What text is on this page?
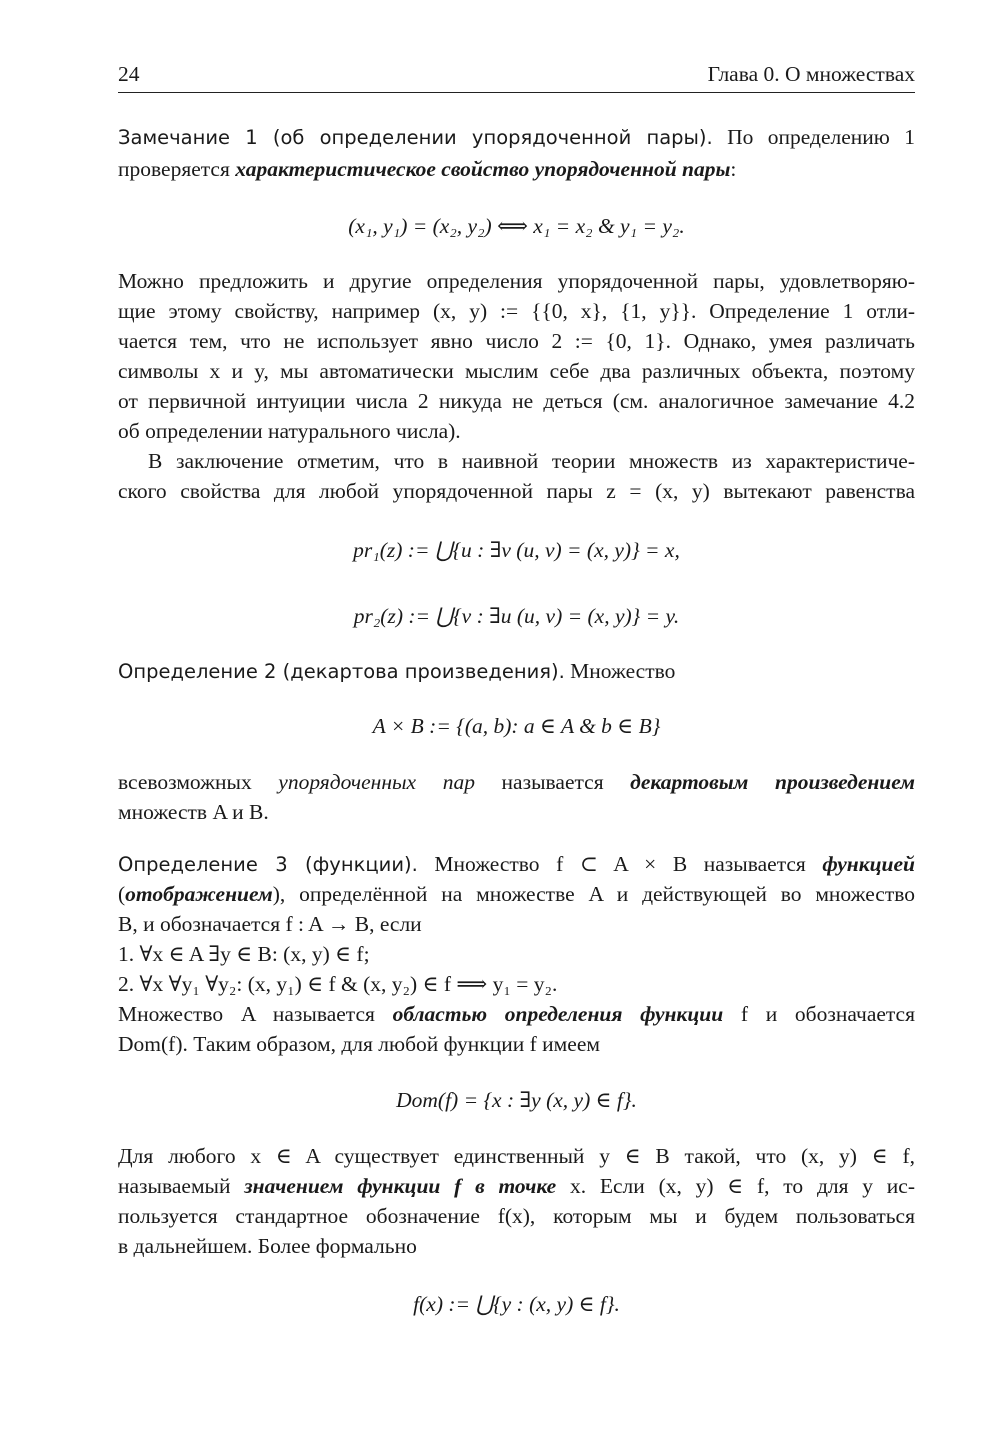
24	Глава 0. О множествах

Замечание 1 (об определении упорядоченной пары). По определению 1

проверяется характеристическое свойство упорядоченной пары:

(x₁, y₁) = (x₂, y₂) ⟺ x₁ = x₂ & y₁ = y₂.

Можно предложить и другие определения упорядоченной пары, удовлетворяю-

щие этому свойству, например (x, y) := {{0, x}, {1, y}}. Определение 1 отли-

чается тем, что не использует явно число 2 := {0, 1}. Однако, умея различать

символы x и y, мы автоматически мыслим себе два различных объекта, поэтому

от первичной интуиции числа 2 никуда не деться (см. аналогичное замечание 4.2

об определении натурального числа).

В заключение отметим, что в наивной теории множеств из характеристиче-

ского свойства для любой упорядоченной пары z = (x, y) вытекают равенства

pr₁(z) := ⋃{u : ∃v (u, v) = (x, y)} = x,

pr₂(z) := ⋃{v : ∃u (u, v) = (x, y)} = y.

Определение 2 (декартова произведения). Множество

A × B := {(a, b): a ∈ A & b ∈ B}

всевозможных упорядоченных пар называется декартовым произведением

множеств A и B.

Определение 3 (функции). Множество f ⊂ A × B называется функцией

(отображением), определённой на множестве A и действующей во множество

B, и обозначается f : A → B, если

1. ∀x ∈ A ∃y ∈ B: (x, y) ∈ f;

2. ∀x ∀y₁ ∀y₂: (x, y₁) ∈ f & (x, y₂) ∈ f ⟹ y₁ = y₂.

Множество A называется областью определения функции f и обозначается

Dom(f). Таким образом, для любой функции f имеем

Dom(f) = {x : ∃y (x, y) ∈ f}.

Для любого x ∈ A существует единственный y ∈ B такой, что (x, y) ∈ f,

называемый значением функции f в точке x. Если (x, y) ∈ f, то для y ис-

пользуется стандартное обозначение f(x), которым мы и будем пользоваться

в дальнейшем. Более формально

f(x) := ⋃{y : (x, y) ∈ f}.
